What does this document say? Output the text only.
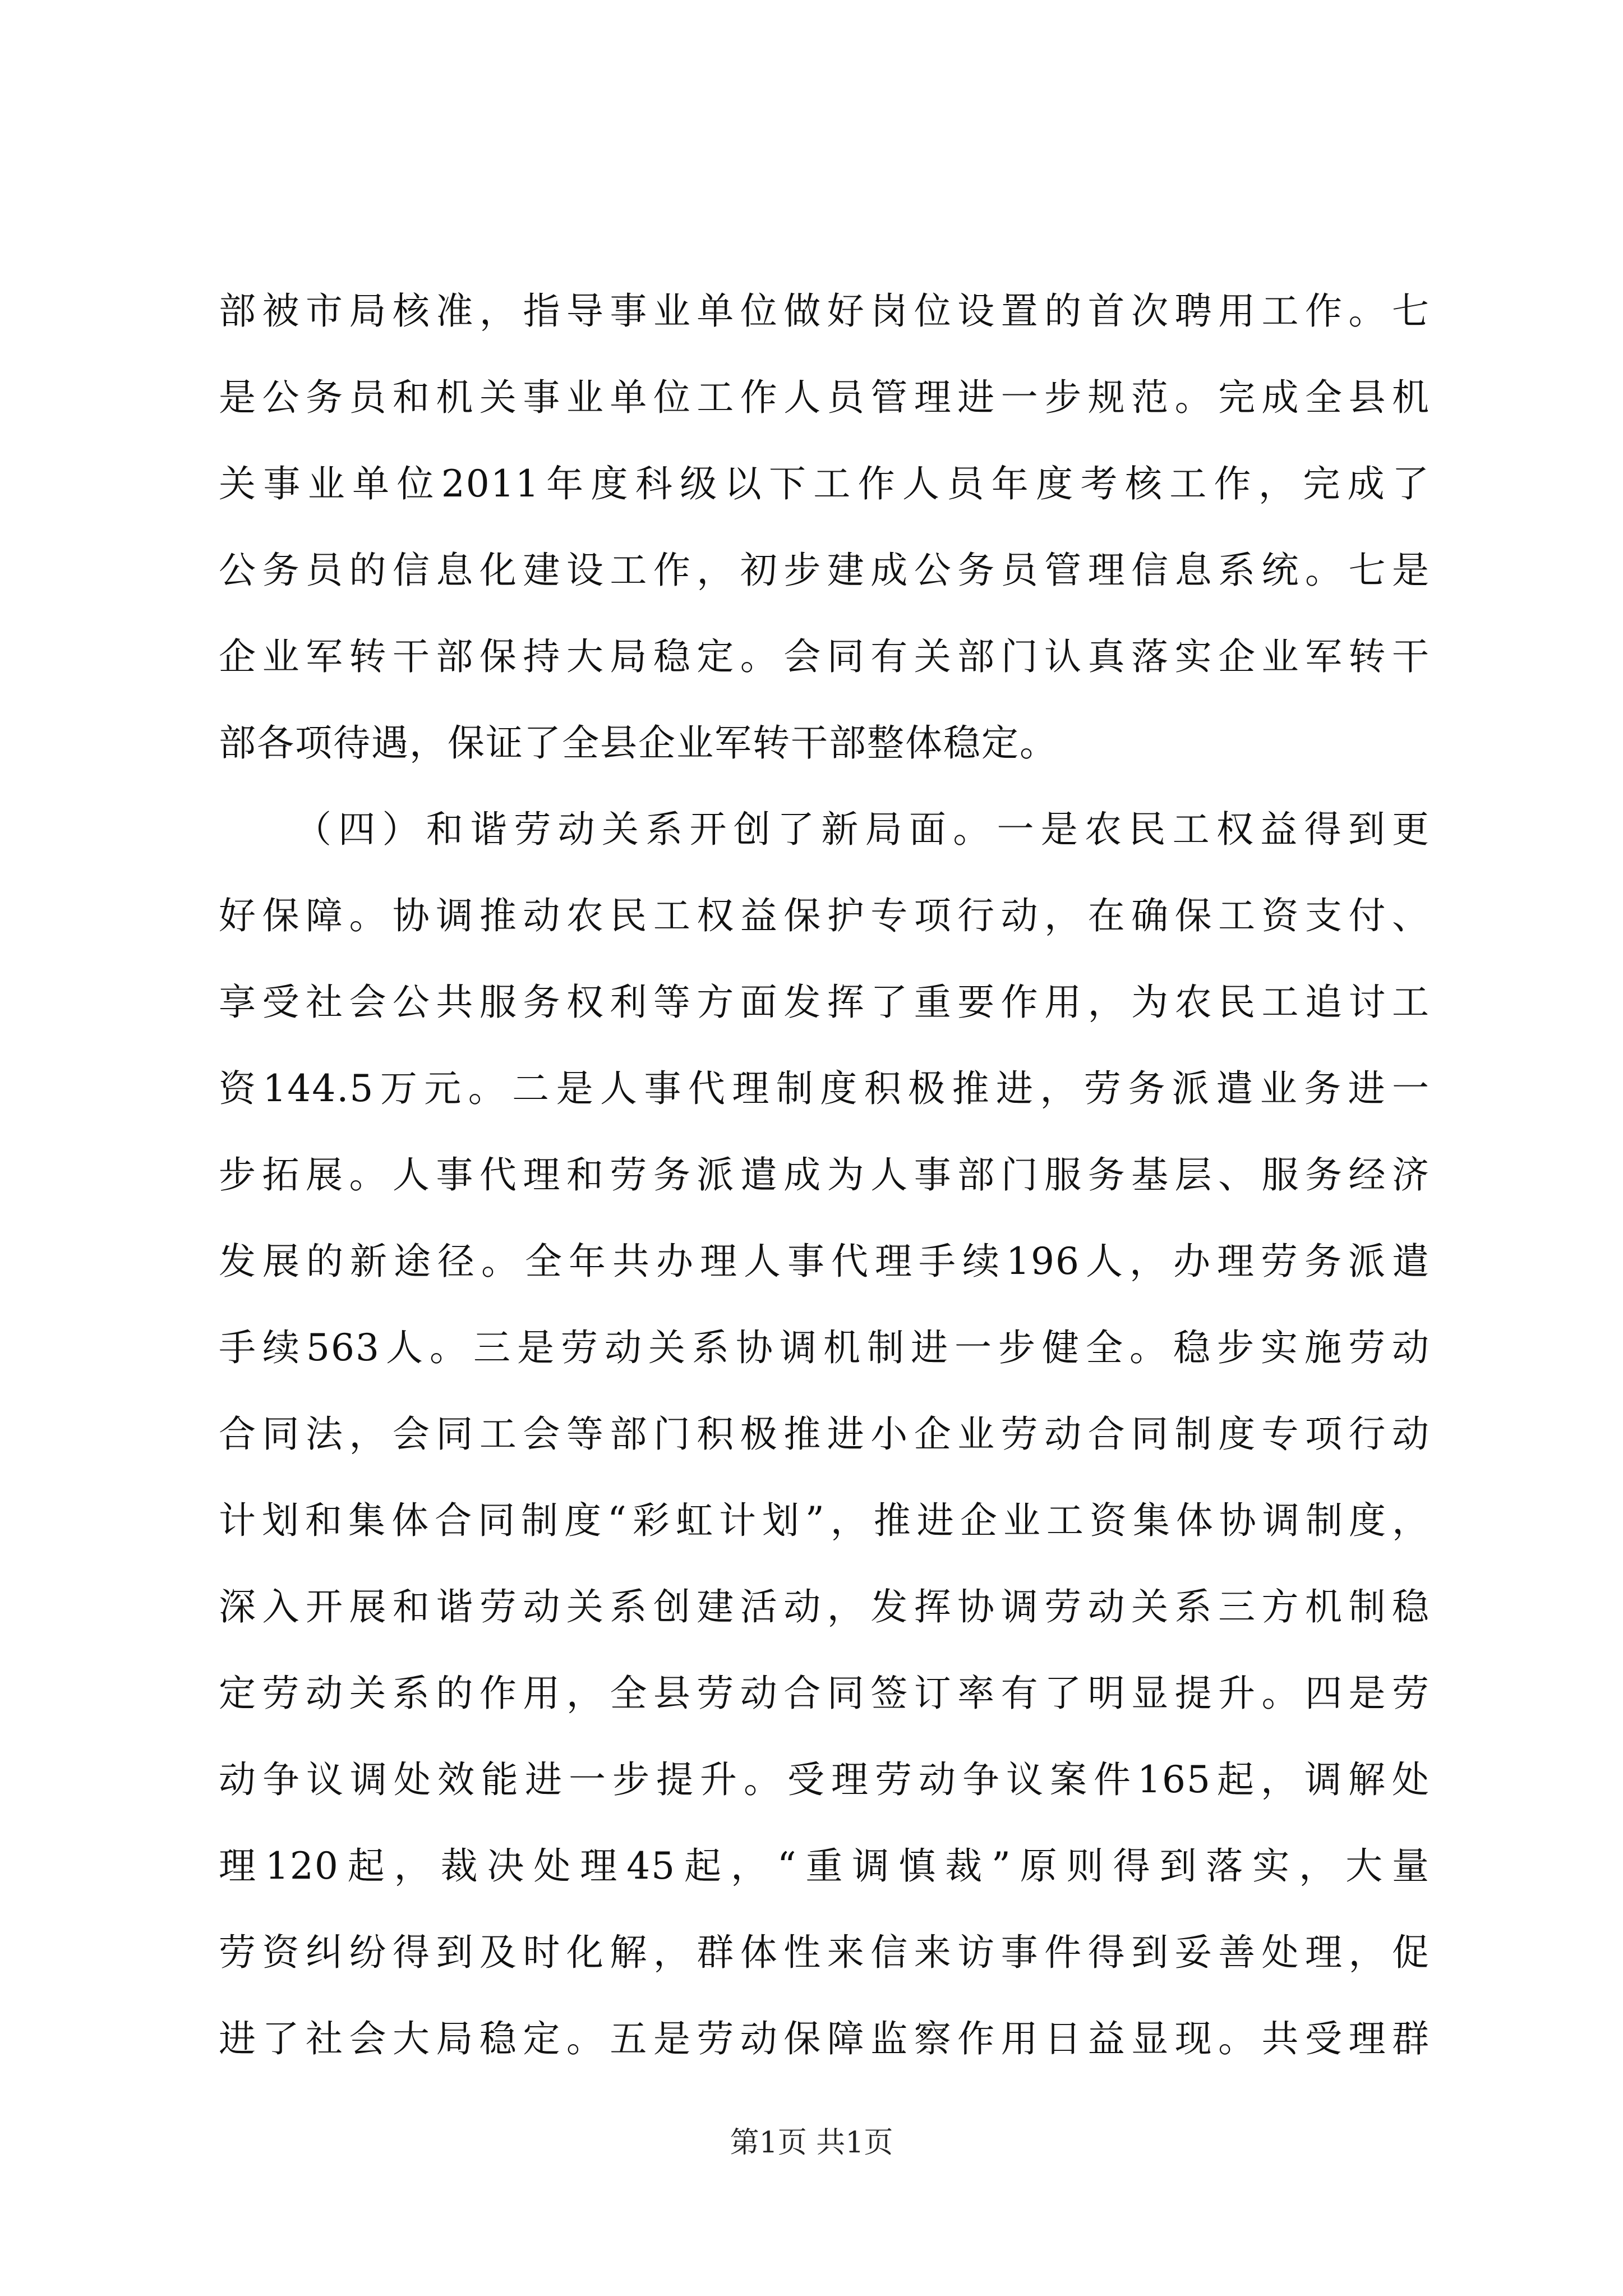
部被市局核准，指导事业单位做好岗位设置的首次聘用工作。七
是公务员和机关事业单位工作人员管理进一步规范。完成全县机
关事业单位2011年度科级以下工作人员年度考核工作，完成了
公务员的信息化建设工作，初步建成公务员管理信息系统。七是
企业军转干部保持大局稳定。会同有关部门认真落实企业军转干
部各项待遇，保证了全县企业军转干部整体稳定。
（四）和谐劳动关系开创了新局面。一是农民工权益得到更
好保障。协调推动农民工权益保护专项行动，在确保工资支付、
享受社会公共服务权利等方面发挥了重要作用，为农民工追讨工
资144.5万元。二是人事代理制度积极推进，劳务派遣业务进一
步拓展。人事代理和劳务派遣成为人事部门服务基层、服务经济
发展的新途径。全年共办理人事代理手续196人，办理劳务派遣
手续563人。三是劳动关系协调机制进一步健全。稳步实施劳动
合同法，会同工会等部门积极推进小企业劳动合同制度专项行动
计划和集体合同制度“彩虹计划”，推进企业工资集体协调制度，
深入开展和谐劳动关系创建活动，发挥协调劳动关系三方机制稳
定劳动关系的作用，全县劳动合同签订率有了明显提升。四是劳
动争议调处效能进一步提升。受理劳动争议案件165起，调解处
理120起，裁决处理45起，“重调慎裁”原则得到落实，大量
劳资纠纷得到及时化解，群体性来信来访事件得到妥善处理，促
进了社会大局稳定。五是劳动保障监察作用日益显现。共受理群
第1页 共1页
